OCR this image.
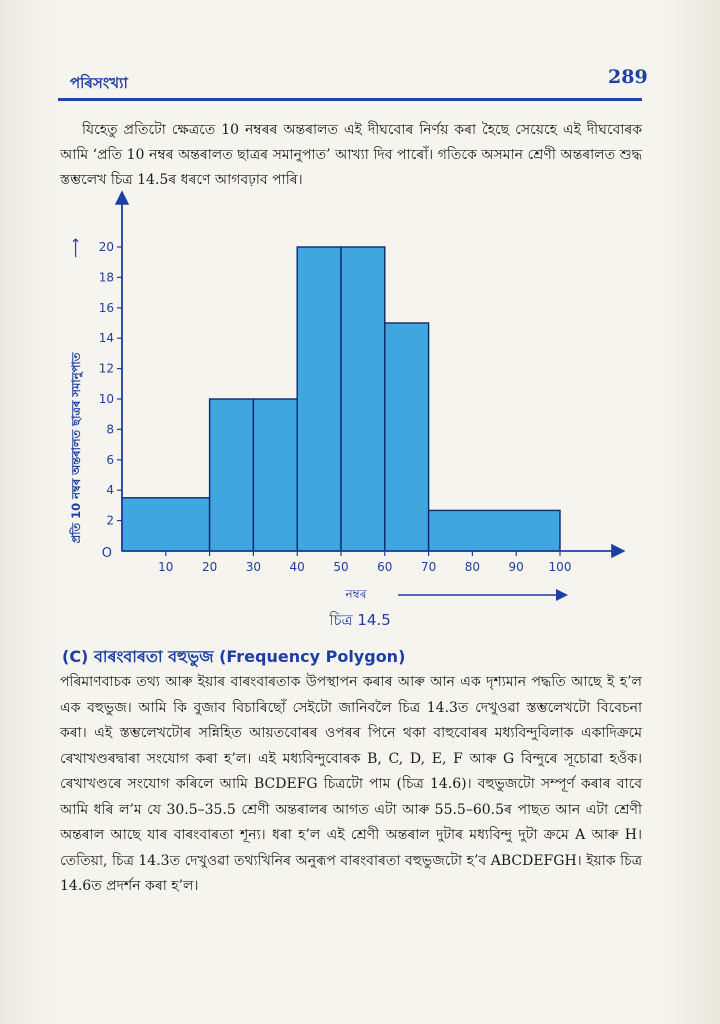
পৰিসংখ্যা	289
যিহেতু প্ৰতিটো ক্ষেত্ৰতে 10 নম্বৰৰ অন্তৰালত এই দীঘবোৰ নিৰ্ণয় কৰা হৈছে সেয়েহে এই দীঘবোৰক আমি ‘প্ৰতি 10 নম্বৰ অন্তৰালত ছাত্ৰৰ সমানুপাত’ আখ্যা দিব পাৰোঁ। গতিকে অসমান শ্ৰেণী অন্তৰালত শুদ্ধ স্তম্ভলেখ চিত্ৰ 14.5ৰ ধৰণে আগবঢ়াব পাৰি।
10 20 30 40 50 60 70 80 90 100
2
4
6
8
10
12
14
16
18
20
O
প্ৰতি 10 নম্বৰ অন্তৰালত ছাত্ৰৰ সমানুপাত
⟶
নম্বৰ
চিত্ৰ 14.5
(C) বাৰংবাৰতা বহুভুজ (Frequency Polygon)
পৰিমাণবাচক তথ্য আৰু ইয়াৰ বাৰংবাৰতাক উপস্থাপন কৰাৰ আৰু আন এক দৃশ্যমান পদ্ধতি আছে ই হ’ল এক বহুভুজ। আমি কি বুজাব বিচাৰিছোঁ সেইটো জানিবলৈ চিত্ৰ 14.3ত দেখুওৱা স্তম্ভলেখটো বিবেচনা কৰা। এই স্তম্ভলেখটোৰ সন্নিহিত আয়তবোৰৰ ওপৰৰ পিনে থকা বাহুবোৰৰ মধ্যবিন্দুবিলাক একাদিক্ৰমে ৰেখাখণ্ডৰদ্বাৰা সংযোগ কৰা হ’ল। এই মধ্যবিন্দুবোৰক B, C, D, E, F আৰু G বিন্দুৰে সূচোৱা হওঁক। ৰেখাখণ্ডৰে সংযোগ কৰিলে আমি BCDEFG চিত্ৰটো পাম (চিত্ৰ 14.6)। বহুভুজটো সম্পূৰ্ণ কৰাৰ বাবে আমি ধৰি ল’ম যে 30.5–35.5 শ্ৰেণী অন্তৰালৰ আগত এটা আৰু 55.5–60.5ৰ পাছত আন এটা শ্ৰেণী অন্তৰাল আছে যাৰ বাৰংবাৰতা শূন্য। ধৰা হ’ল এই শ্ৰেণী অন্তৰাল দুটাৰ মধ্যবিন্দু দুটা ক্ৰমে A আৰু H। তেতিয়া, চিত্ৰ 14.3ত দেখুওৱা তথ্যখিনিৰ অনুৰূপ বাৰংবাৰতা বহুভুজটো হ’ব ABCDEFGH। ইয়াক চিত্ৰ 14.6ত প্ৰদৰ্শন কৰা হ’ল।
